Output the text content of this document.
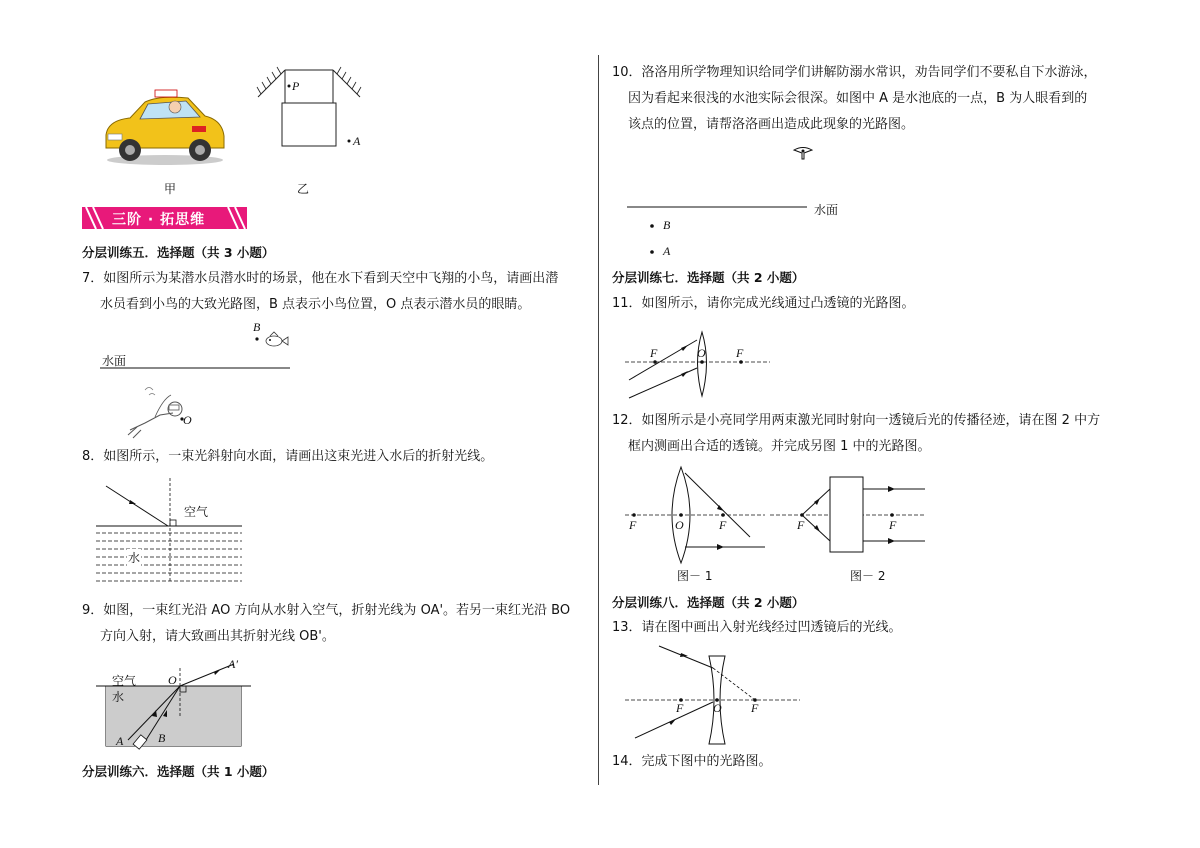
甲
P
A
乙
三阶 · 拓思维
分层训练五．选择题（共 3 小题）
7．如图所示为某潜水员潜水时的场景，他在水下看到天空中飞翔的小鸟，请画出潜
水员看到小鸟的大致光路图，B 点表示小鸟位置，O 点表示潜水员的眼睛。
B
水面
O
8．如图所示，一束光斜射向水面，请画出这束光进入水后的折射光线。
空气
水
9．如图，一束红光沿 AO 方向从水射入空气，折射光线为 OA'。若另一束红光沿 BO
方向入射，请大致画出其折射光线 OB'。
空气
水
O
A′
A	B
分层训练六．选择题（共 1 小题）
10．洛洛用所学物理知识给同学们讲解防溺水常识，劝告同学们不要私自下水游泳，
因为看起来很浅的水池实际会很深。如图中 A 是水池底的一点，B 为人眼看到的
该点的位置，请帮洛洛画出造成此现象的光路图。
水面
B
A
分层训练七．选择题（共 2 小题）
11．如图所示，请你完成光线通过凸透镜的光路图。
F	O	F
12．如图所示是小亮同学用两束激光同时射向一透镜后光的传播径迹，请在图 2 中方
框内测画出合适的透镜。并完成另图 1 中的光路图。
F	O	F
图－ 1
F	F
图－ 2
分层训练八．选择题（共 2 小题）
13．请在图中画出入射光线经过凹透镜后的光线。
F O F
14．完成下图中的光路图。
